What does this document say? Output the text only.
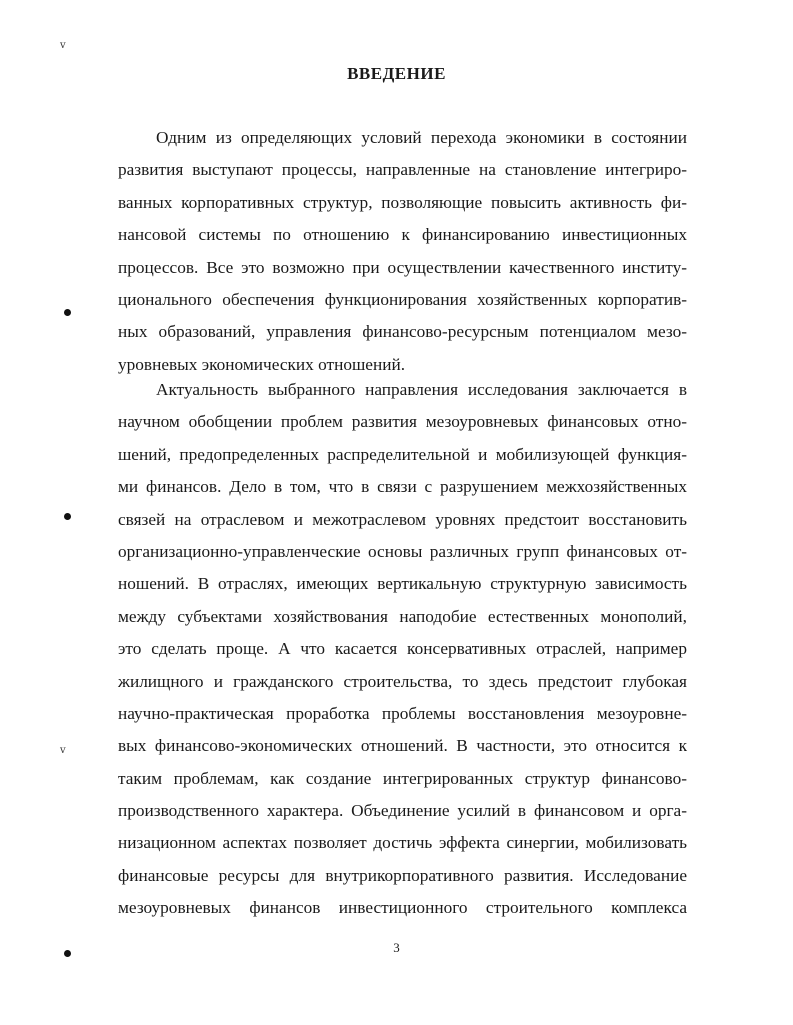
ⅴ
ⅴ
ВВЕДЕНИЕ
Одним из определяющих условий перехода экономики в состоянии
развития выступают процессы, направленные на становление интегриро-
ванных корпоративных структур, позволяющие повысить активность фи-
нансовой системы по отношению к финансированию инвестиционных
процессов. Все это возможно при осуществлении качественного институ-
ционального обеспечения функционирования хозяйственных корпоратив-
ных образований, управления финансово-ресурсным потенциалом мезо-
уровневых экономических отношений.
Актуальность выбранного направления исследования заключается в
научном обобщении проблем развития мезоуровневых финансовых отно-
шений, предопределенных распределительной и мобилизующей функция-
ми финансов. Дело в том, что в связи с разрушением межхозяйственных
связей на отраслевом и межотраслевом уровнях предстоит восстановить
организационно-управленческие основы различных групп финансовых от-
ношений. В отраслях, имеющих вертикальную структурную зависимость
между субъектами хозяйствования наподобие естественных монополий,
это сделать проще. А что касается консервативных отраслей, например
жилищного и гражданского строительства, то здесь предстоит глубокая
научно-практическая проработка проблемы восстановления мезоуровне-
вых финансово-экономических отношений. В частности, это относится к
таким проблемам, как создание интегрированных структур финансово-
производственного характера. Объединение усилий в финансовом и орга-
низационном аспектах позволяет достичь эффекта синергии, мобилизовать
финансовые ресурсы для внутрикорпоративного развития. Исследование
мезоуровневых финансов инвестиционного строительного комплекса
3
